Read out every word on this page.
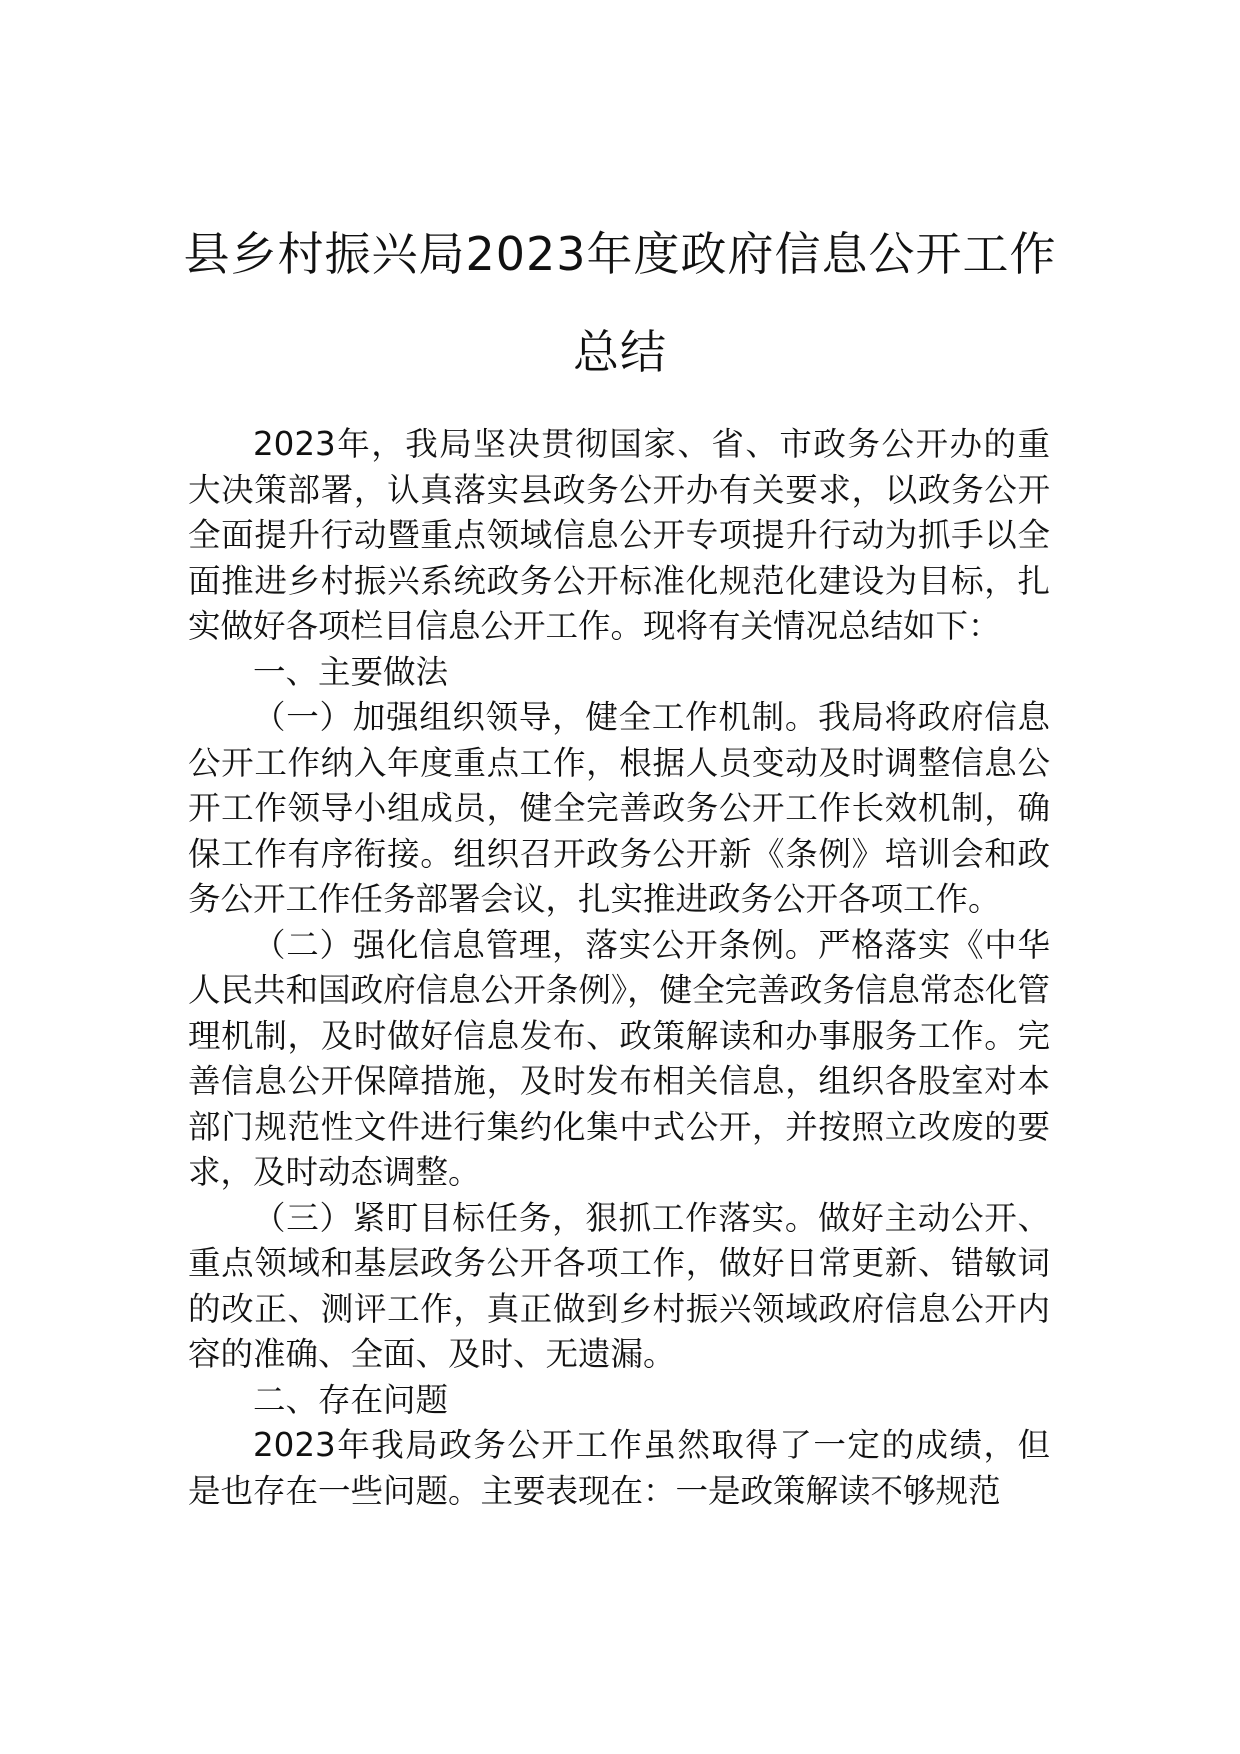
县乡村振兴局2023年度政府信息公开工作
总结

2023年，我局坚决贯彻国家、省、市政务公开办的重大决策部署，认真落实县政务公开办有关要求，以政务公开全面提升行动暨重点领域信息公开专项提升行动为抓手以全面推进乡村振兴系统政务公开标准化规范化建设为目标，扎实做好各项栏目信息公开工作。现将有关情况总结如下：

一、主要做法

（一）加强组织领导，健全工作机制。我局将政府信息公开工作纳入年度重点工作，根据人员变动及时调整信息公开工作领导小组成员，健全完善政务公开工作长效机制，确保工作有序衔接。组织召开政务公开新《条例》培训会和政务公开工作任务部署会议，扎实推进政务公开各项工作。

（二）强化信息管理，落实公开条例。严格落实《中华人民共和国政府信息公开条例》，健全完善政务信息常态化管理机制，及时做好信息发布、政策解读和办事服务工作。完善信息公开保障措施，及时发布相关信息，组织各股室对本部门规范性文件进行集约化集中式公开，并按照立改废的要求，及时动态调整。

（三）紧盯目标任务，狠抓工作落实。做好主动公开、重点领域和基层政务公开各项工作，做好日常更新、错敏词的改正、测评工作，真正做到乡村振兴领域政府信息公开内容的准确、全面、及时、无遗漏。

二、存在问题

2023年我局政务公开工作虽然取得了一定的成绩，但是也存在一些问题。主要表现在：一是政策解读不够规范
